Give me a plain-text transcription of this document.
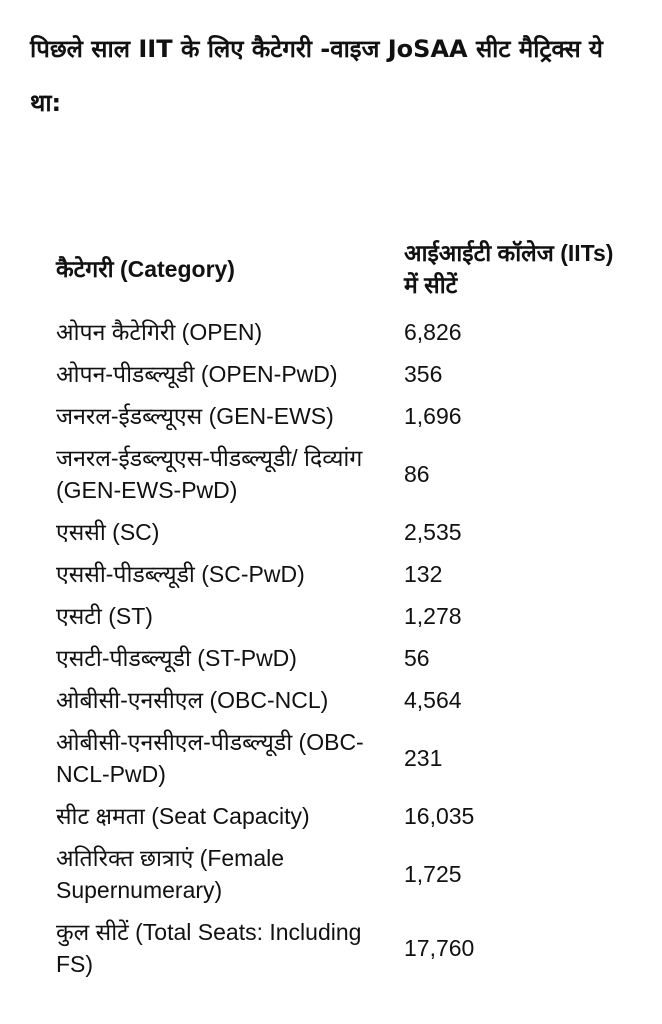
पिछले साल IIT के लिए कैटेगरी -वाइज JoSAA सीट मैट्रिक्स ये था:

कैटेगरी (Category)	आईआईटी कॉलेज (IITs) में सीटें
ओपन कैटेगिरी (OPEN)	6,826
ओपन-पीडब्ल्यूडी (OPEN-PwD)	356
जनरल-ईडब्ल्यूएस (GEN-EWS)	1,696
जनरल-ईडब्ल्यूएस-पीडब्ल्यूडी/ दिव्यांग (GEN-EWS-PwD)	86
एससी (SC)	2,535
एससी-पीडब्ल्यूडी (SC-PwD)	132
एसटी (ST)	1,278
एसटी-पीडब्ल्यूडी (ST-PwD)	56
ओबीसी-एनसीएल (OBC-NCL)	4,564
ओबीसी-एनसीएल-पीडब्ल्यूडी (OBC-NCL-PwD)	231
सीट क्षमता (Seat Capacity)	16,035
अतिरिक्त छात्राएं (Female Supernumerary)	1,725
कुल सीटें (Total Seats: Including FS)	17,760
